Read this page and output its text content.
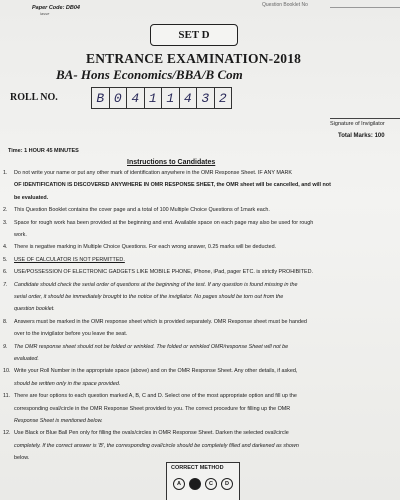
Paper Code: DB04
lasse
Question Booklet No
SET D
ENTRANCE EXAMINATION-2018
BA- Hons Economics/BBA/B Com
ROLL NO.	B 0 4 1 1 4 3 2
Signature of Invigilator
Total Marks: 100
Time: 1 HOUR 45 MINUTES
Instructions to Candidates
1. Do not write your name or put any other mark of identification anywhere in the OMR Response Sheet. IF ANY MARK
OF IDENTIFICATION IS DISCOVERED ANYWHERE IN OMR RESPONSE SHEET, the OMR sheet will be cancelled, and will not
be evaluated.
2. This Question Booklet contains the cover page and a total of 100 Multiple Choice Questions of 1mark each.
3. Space for rough work has been provided at the beginning and end. Available space on each page may also be used for rough
work.
4. There is negative marking in Multiple Choice Questions. For each wrong answer, 0.25 marks will be deducted.
5. USE OF CALCULATOR IS NOT PERMITTED.
6. USE/POSSESSION OF ELECTRONIC GADGETS LIKE MOBILE PHONE, iPhone, iPad, pager ETC. is strictly PROHIBITED.
7. Candidate should check the serial order of questions at the beginning of the test. If any question is found missing in the
serial order, it should be immediately brought to the notice of the invigilator. No pages should be torn out from the
question booklet.
8. Answers must be marked in the OMR response sheet which is provided separately. OMR Response sheet must be handed
over to the invigilator before you leave the seat.
9. The OMR response sheet should not be folded or wrinkled. The folded or wrinkled OMR/response Sheet will not be
evaluated.
10. Write your Roll Number in the appropriate space (above) and on the OMR Response Sheet. Any other details, if asked,
should be written only in the space provided.
11. There are four options to each question marked A, B, C and D. Select one of the most appropriate option and fill up the
corresponding oval/circle in the OMR Response Sheet provided to you. The correct procedure for filling up the OMR
Response Sheet is mentioned below.
12. Use Black or Blue Ball Pen only for filling the ovals/circles in OMR Response Sheet. Darken the selected oval/circle
completely. If the correct answer is 'B', the corresponding oval/circle should be completely filled and darkened as shown
below.
CORRECT METHOD
A	B	C	D
